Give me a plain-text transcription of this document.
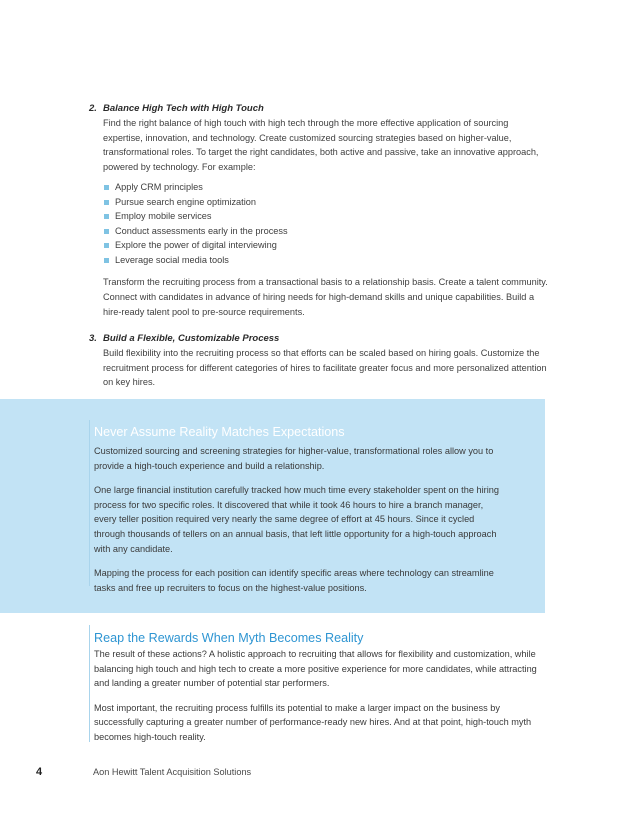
2. Balance High Tech with High Touch
Find the right balance of high touch with high tech through the more effective application of sourcing expertise, innovation, and technology. Create customized sourcing strategies based on higher-value, transformational roles. To target the right candidates, both active and passive, take an innovative approach, powered by technology. For example:
Apply CRM principles
Pursue search engine optimization
Employ mobile services
Conduct assessments early in the process
Explore the power of digital interviewing
Leverage social media tools
Transform the recruiting process from a transactional basis to a relationship basis. Create a talent community. Connect with candidates in advance of hiring needs for high-demand skills and unique capabilities. Build a hire-ready talent pool to pre-source requirements.
3. Build a Flexible, Customizable Process
Build flexibility into the recruiting process so that efforts can be scaled based on hiring goals. Customize the recruitment process for different categories of hires to facilitate greater focus and more personalized attention on key hires.
Never Assume Reality Matches Expectations

Customized sourcing and screening strategies for higher-value, transformational roles allow you to provide a high-touch experience and build a relationship.

One large financial institution carefully tracked how much time every stakeholder spent on the hiring process for two specific roles. It discovered that while it took 46 hours to hire a branch manager, every teller position required very nearly the same degree of effort at 45 hours. Since it cycled through thousands of tellers on an annual basis, that left little opportunity for a high-touch approach with any candidate.

Mapping the process for each position can identify specific areas where technology can streamline tasks and free up recruiters to focus on the highest-value positions.

Reap the Rewards When Myth Becomes Reality

The result of these actions? A holistic approach to recruiting that allows for flexibility and customization, while balancing high touch and high tech to create a more positive experience for more candidates, while attracting and landing a greater number of potential star performers.

Most important, the recruiting process fulfills its potential to make a larger impact on the business by successfully capturing a greater number of performance-ready new hires. And at that point, high-touch myth becomes high-touch reality.

4	Aon Hewitt Talent Acquisition Solutions
